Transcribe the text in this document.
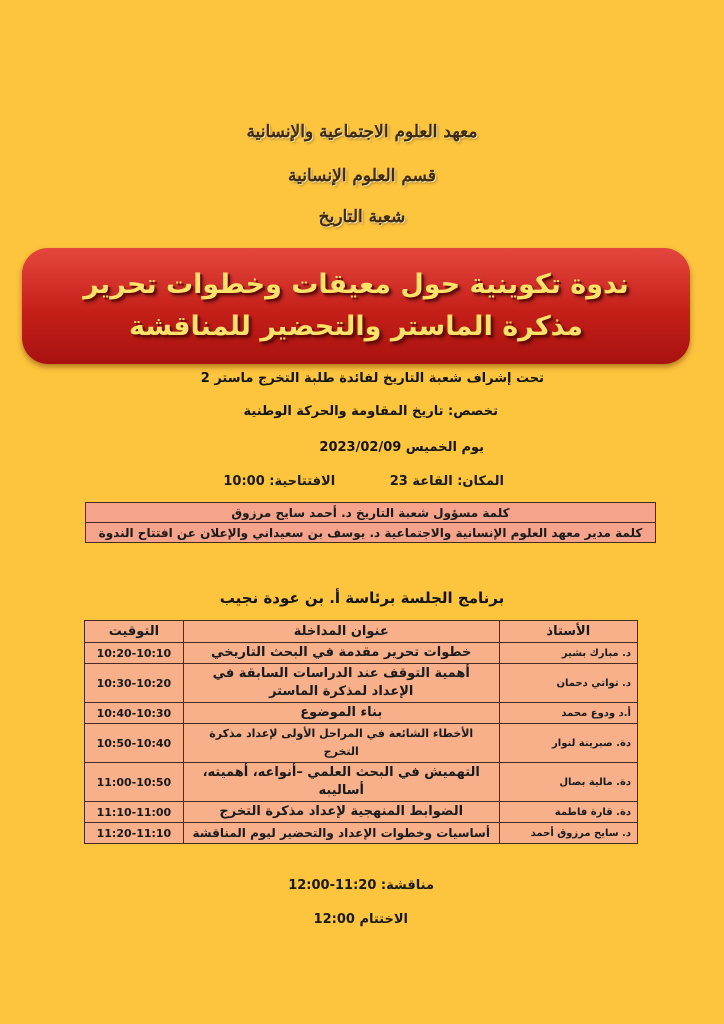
معهد العلوم الاجتماعية والإنسانية
قسم العلوم الإنسانية
شعبة التاريخ
ندوة تكوينية حول معيقات وخطوات تحرير مذكرة الماستر والتحضير للمناقشة
تحت إشراف شعبة التاريخ لفائدة طلبة التخرج ماستر 2
تخصص: تاريخ المقاومة والحركة الوطنية
يوم الخميس 2023/02/09
المكان: القاعة 23 الافتتاحية: 10:00
كلمة مسؤول شعبة التاريخ د. أحمد سايح مرزوق
كلمة مدير معهد العلوم الإنسانية والاجتماعية د. يوسف بن سعيداني والإعلان عن افتتاح الندوة
برنامج الجلسة برئاسة أ. بن عودة نجيب
الأستاذ	عنوان المداخلة	التوقيت
د. مبارك بشير	خطوات تحرير مقدمة في البحث التاريخي	10:20-10:10
د. تواتي دحمان	أهمية التوقف عند الدراسات السابقة في الإعداد لمذكرة الماستر	10:30-10:20
أ.د ودوع محمد	بناء الموضوع	10:40-10:30
دة. صبرينة لنوار	الأخطاء الشائعة في المراحل الأولى لإعداد مذكرة التخرج	10:50-10:40
دة. مالية بصال	التهميش في البحث العلمي –أنواعه، أهميته، أساليبه	11:00-10:50
دة. قارة فاطمة	الضوابط المنهجية لإعداد مذكرة التخرج	11:10-11:00
د. سايح مرزوق أحمد	أساسيات وخطوات الإعداد والتحضير ليوم المناقشة	11:20-11:10
مناقشة: 11:20-12:00
الاختتام 12:00
